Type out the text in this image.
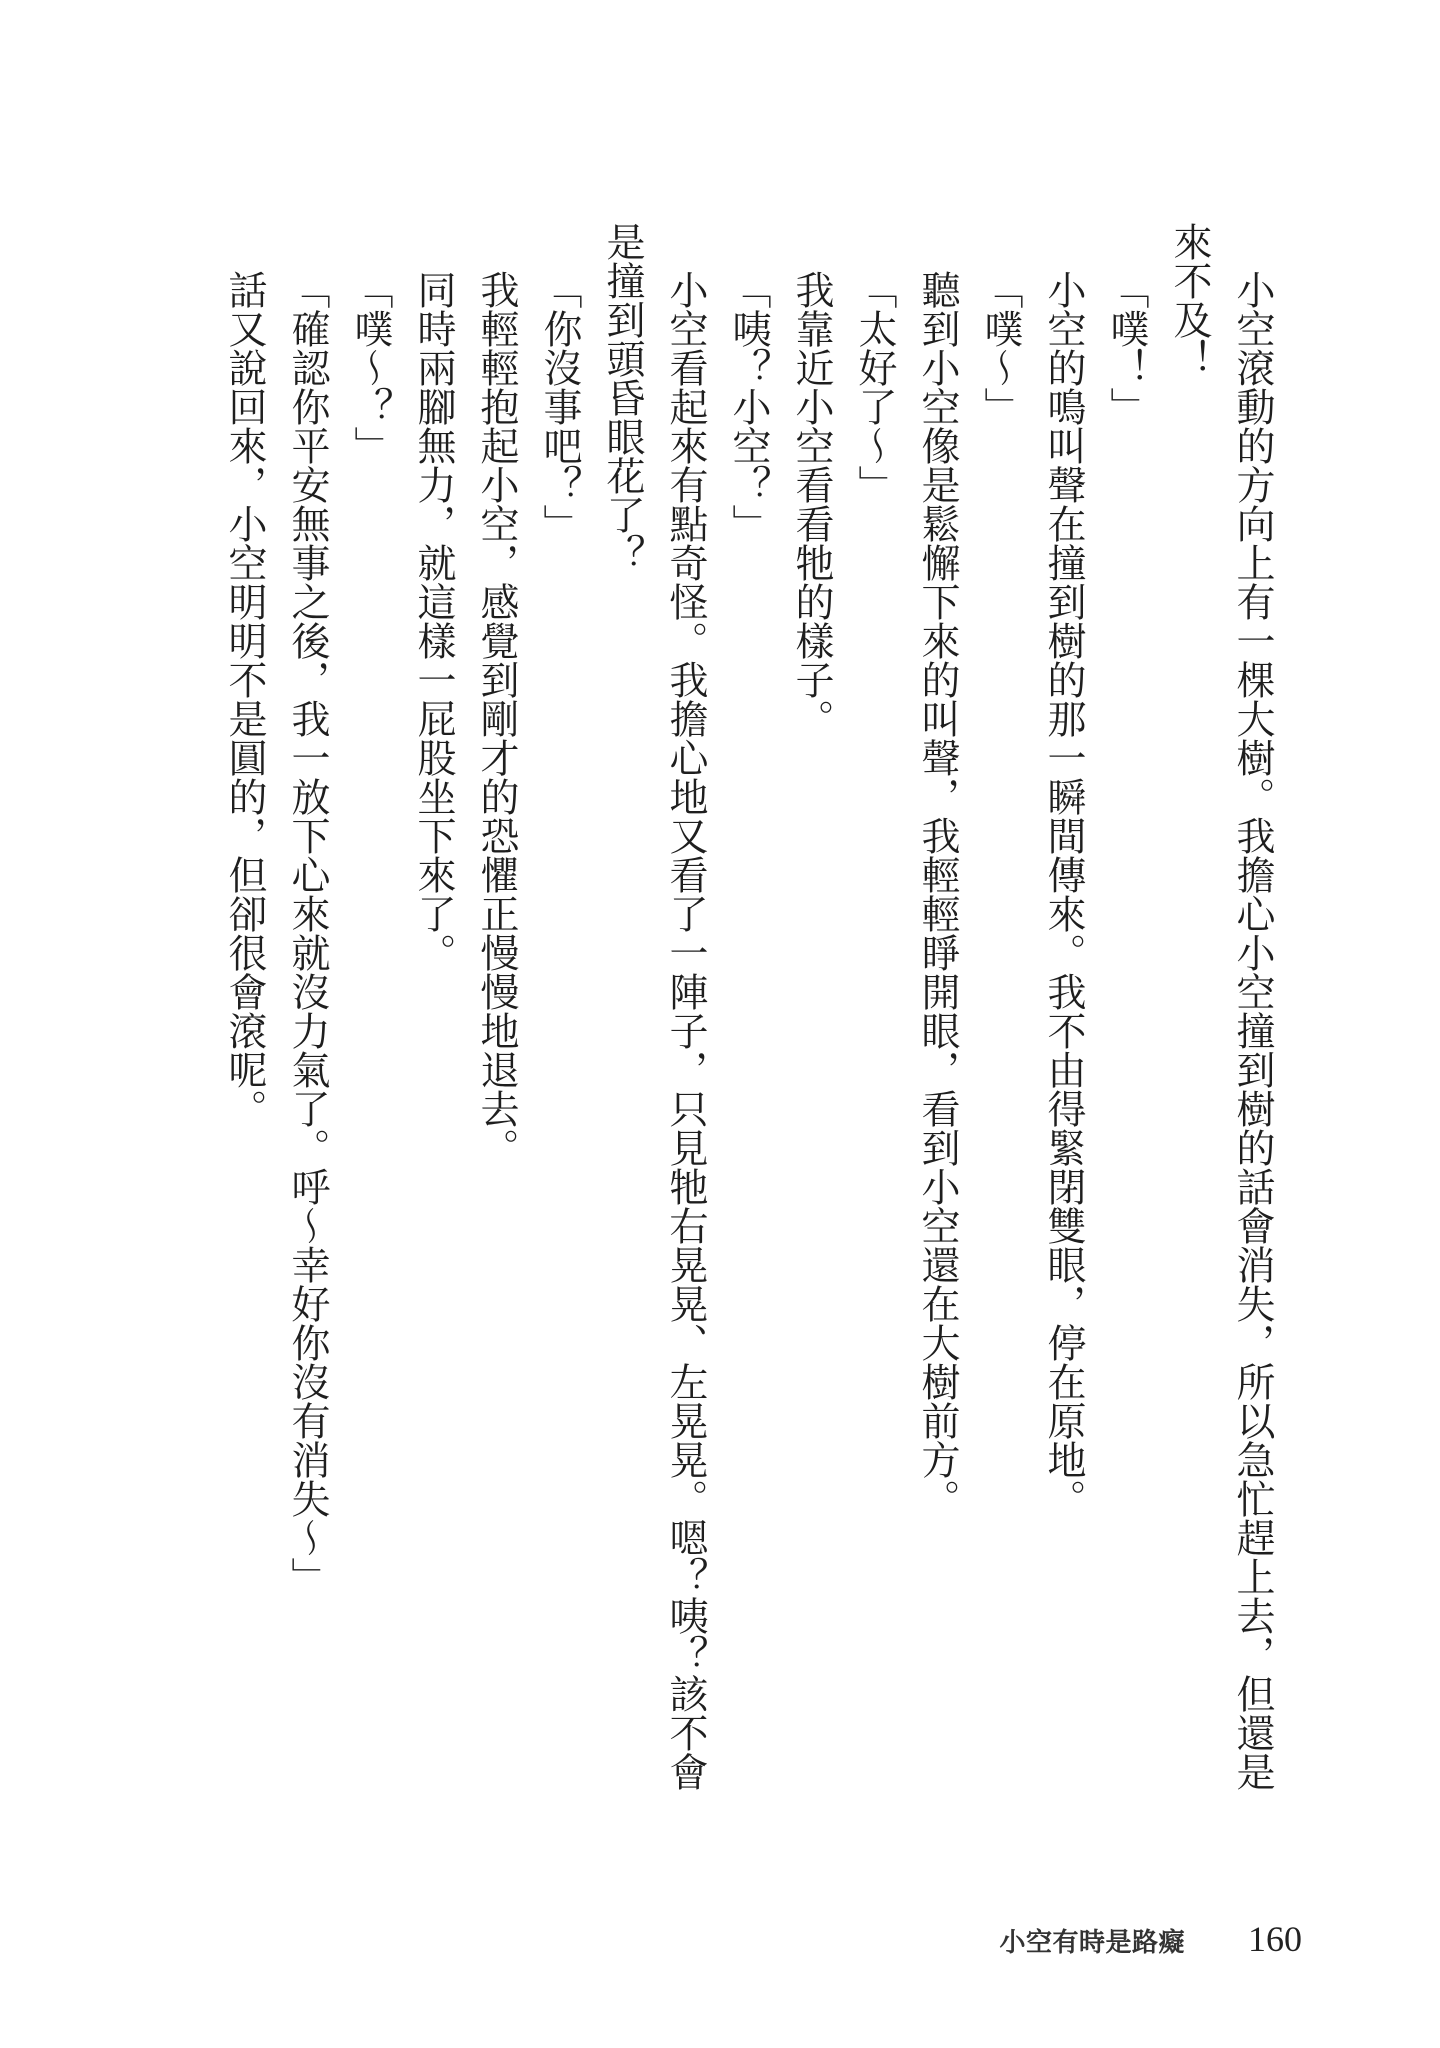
小空滾動的方向上有一棵大樹。我擔心小空撞到樹的話會消失，所以急忙趕上去，但還是來不及！

「噗！」

小空的鳴叫聲在撞到樹的那一瞬間傳來。我不由得緊閉雙眼，停在原地。

「噗～」

聽到小空像是鬆懈下來的叫聲，我輕輕睜開眼，看到小空還在大樹前方。

「太好了～」

我靠近小空看看牠的樣子。

「咦？小空？」

小空看起來有點奇怪。我擔心地又看了一陣子，只見牠右晃晃、左晃晃。嗯？咦？該不會是撞到頭昏眼花了？

「你沒事吧？」

我輕輕抱起小空，感覺到剛才的恐懼正慢慢地退去。

同時兩腳無力，就這樣一屁股坐下來了。

「噗～？」

「確認你平安無事之後，我一放下心來就沒力氣了。呼～幸好你沒有消失～」

話又說回來，小空明明不是圓的，但卻很會滾呢。

小空有時是路癡 160
